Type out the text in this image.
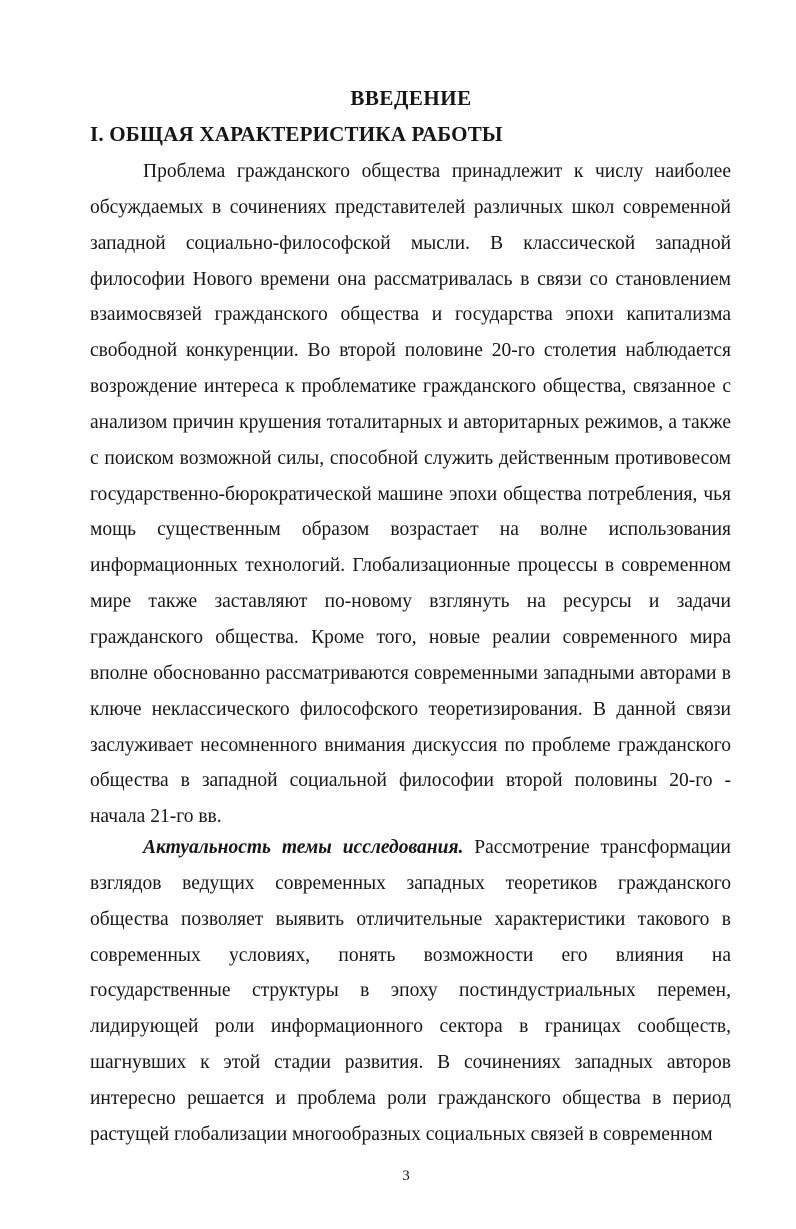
ВВЕДЕНИЕ
I. ОБЩАЯ ХАРАКТЕРИСТИКА РАБОТЫ

Проблема гражданского общества принадлежит к числу наиболее обсуждаемых в сочинениях представителей различных школ современной западной социально-философской мысли. В классической западной философии Нового времени она рассматривалась в связи со становлением взаимосвязей гражданского общества и государства эпохи капитализма свободной конкуренции. Во второй половине 20-го столетия наблюдается возрождение интереса к проблематике гражданского общества, связанное с анализом причин крушения тоталитарных и авторитарных режимов, а также с поиском возможной силы, способной служить действенным противовесом государственно-бюрократической машине эпохи общества потребления, чья мощь существенным образом возрастает на волне использования информационных технологий. Глобализационные процессы в современном мире также заставляют по-новому взглянуть на ресурсы и задачи гражданского общества. Кроме того, новые реалии современного мира вполне обоснованно рассматриваются современными западными авторами в ключе неклассического философского теоретизирования. В данной связи заслуживает несомненного внимания дискуссия по проблеме гражданского общества в западной социальной философии второй половины 20-го - начала 21-го вв.

Актуальность темы исследования. Рассмотрение трансформации взглядов ведущих современных западных теоретиков гражданского общества позволяет выявить отличительные характеристики такового в современных условиях, понять возможности его влияния на государственные структуры в эпоху постиндустриальных перемен, лидирующей роли информационного сектора в границах сообществ, шагнувших к этой стадии развития. В сочинениях западных авторов интересно решается и проблема роли гражданского общества в период растущей глобализации многообразных социальных связей в современном

3
